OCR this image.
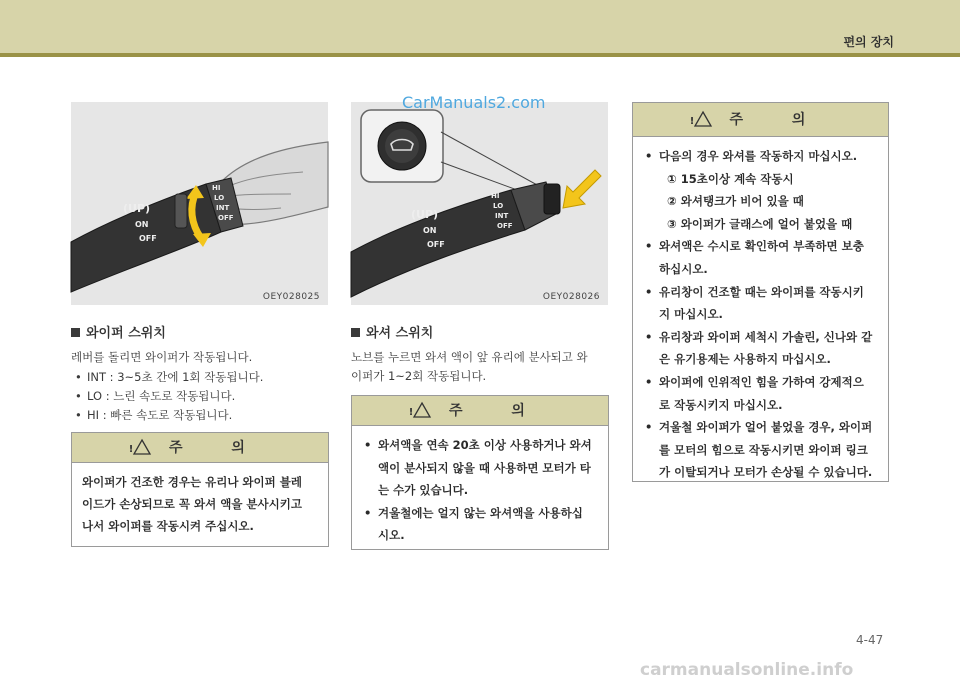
편의 장치
(UP)
ON
OFF
HI
LO
INT
OFF
OEY028025
(UP)
ON
OFF
HI
LO
INT
OFF
OEY028026
CarManuals2.com
와이퍼 스위치
레버를 돌리면 와이퍼가 작동됩니다.
• INT : 3~5초 간에 1회 작동됩니다.
• LO : 느린 속도로 작동됩니다.
• HI : 빠른 속도로 작동됩니다.
! 주 의
와이퍼가 건조한 경우는 유리나 와이퍼 블레
이드가 손상되므로 꼭 와셔 액을 분사시키고
나서 와이퍼를 작동시켜 주십시오.
와셔 스위치
노브를 누르면 와셔 액이 앞 유리에 분사되고 와
이퍼가 1~2회 작동됩니다.
! 주 의
• 와셔액을 연속 20초 이상 사용하거나 와셔
액이 분사되지 않을 때 사용하면 모터가 타
는 수가 있습니다.
• 겨울철에는 얼지 않는 와셔액을 사용하십
시오.
! 주 의
• 다음의 경우 와셔를 작동하지 마십시오.
① 15초이상 계속 작동시
② 와셔탱크가 비어 있을 때
③ 와이퍼가 글래스에 얼어 붙었을 때
• 와셔액은 수시로 확인하여 부족하면 보충
하십시오.
• 유리창이 건조할 때는 와이퍼를 작동시키
지 마십시오.
• 유리창과 와이퍼 세척시 가솔린, 신나와 같
은 유기용제는 사용하지 마십시오.
• 와이퍼에 인위적인 힘을 가하여 강제적으
로 작동시키지 마십시오.
• 겨울철 와이퍼가 얼어 붙었을 경우, 와이퍼
를 모터의 힘으로 작동시키면 와이퍼 링크
가 이탈되거나 모터가 손상될 수 있습니다.
4-47
carmanualsonline.info
